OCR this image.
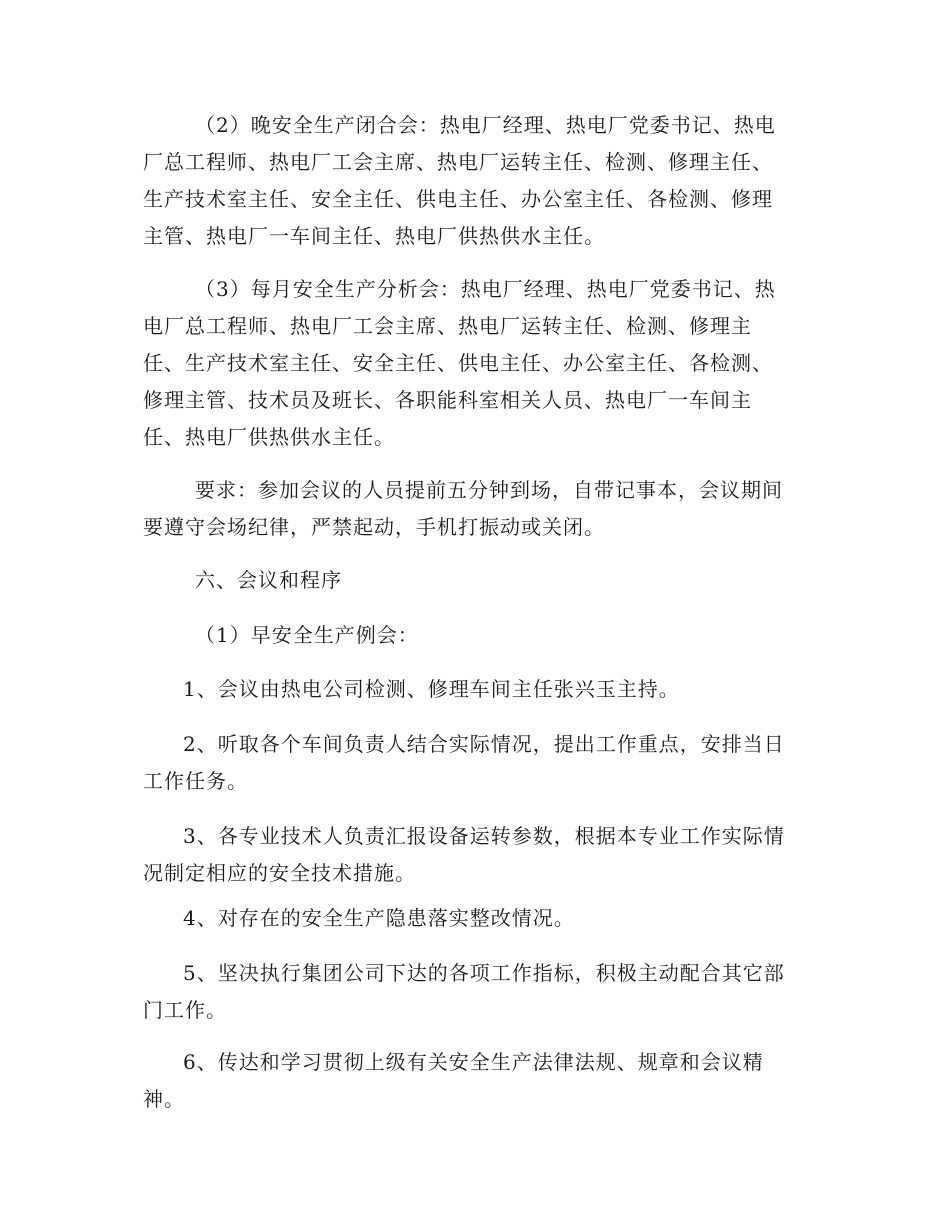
（2）晚安全生产闭合会：热电厂经理、热电厂党委书记、热电
厂总工程师、热电厂工会主席、热电厂运转主任、检测、修理主任、
生产技术室主任、安全主任、供电主任、办公室主任、各检测、修理
主管、热电厂一车间主任、热电厂供热供水主任。

（3）每月安全生产分析会：热电厂经理、热电厂党委书记、热
电厂总工程师、热电厂工会主席、热电厂运转主任、检测、修理主
任、生产技术室主任、安全主任、供电主任、办公室主任、各检测、
修理主管、技术员及班长、各职能科室相关人员、热电厂一车间主
任、热电厂供热供水主任。

要求：参加会议的人员提前五分钟到场，自带记事本，会议期间
要遵守会场纪律，严禁起动，手机打振动或关闭。

六、会议和程序

（1）早安全生产例会：

1、会议由热电公司检测、修理车间主任张兴玉主持。

2、听取各个车间负责人结合实际情况，提出工作重点，安排当日
工作任务。

3、各专业技术人负责汇报设备运转参数，根据本专业工作实际情
况制定相应的安全技术措施。

4、对存在的安全生产隐患落实整改情况。

5、坚决执行集团公司下达的各项工作指标，积极主动配合其它部
门工作。

6、传达和学习贯彻上级有关安全生产法律法规、规章和会议精
神。
